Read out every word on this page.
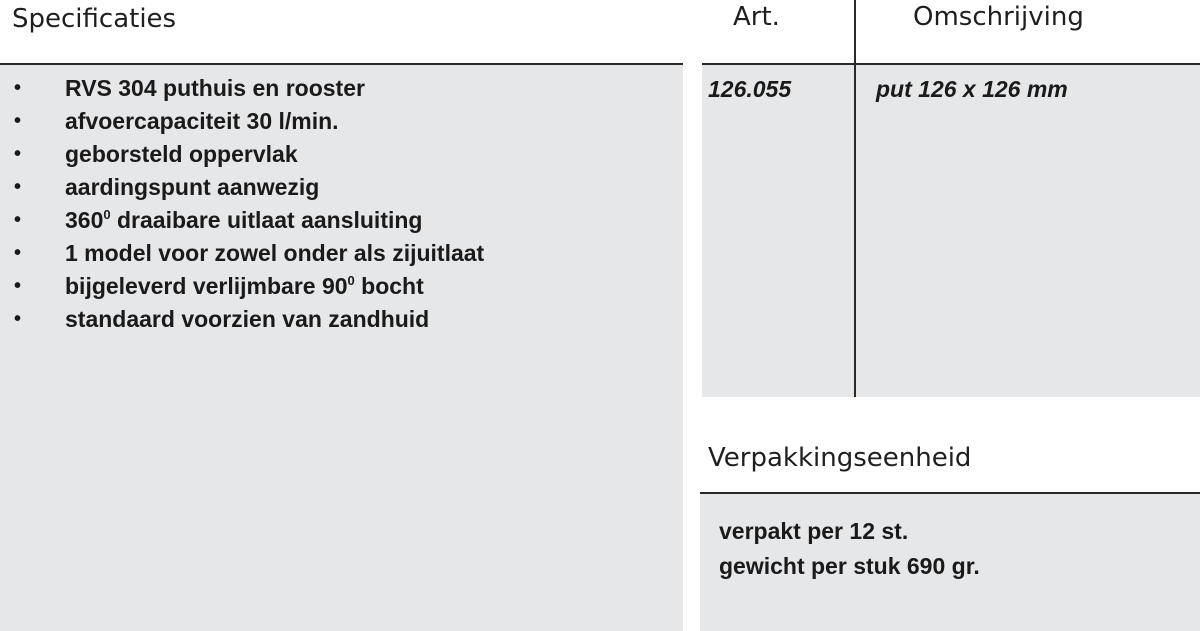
Specificaties
• RVS 304 puthuis en rooster
• afvoercapaciteit 30 l/min.
• geborsteld oppervlak
• aardingspunt aanwezig
• $360^0$ draaibare uitlaat aansluiting
• 1 model voor zowel onder als zijuitlaat
• bijgeleverd verlijmbare $90^0$ bocht
• standaard voorzien van zandhuid
Art.	Omschrijving
126.055	put 126 x 126 mm
Verpakkingseenheid
verpakt per 12 st.
gewicht per stuk 690 gr.
